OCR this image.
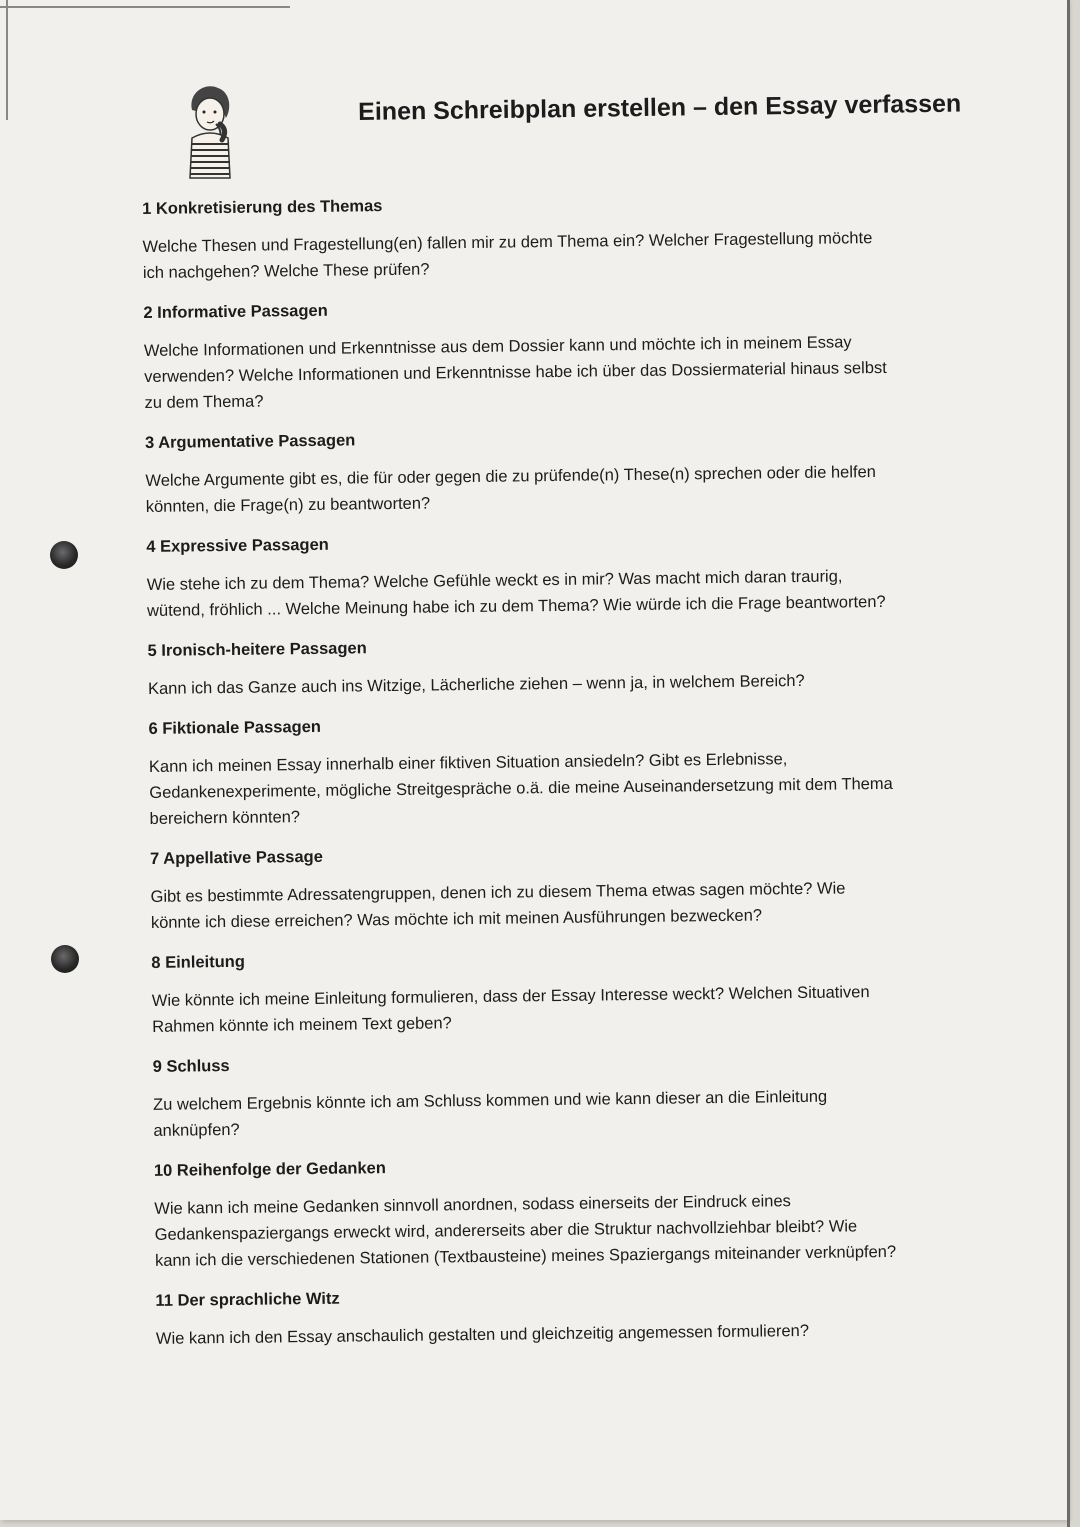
Einen Schreibplan erstellen – den Essay verfassen

1 Konkretisierung des Themas

Welche Thesen und Fragestellung(en) fallen mir zu dem Thema ein? Welcher Fragestellung möchte
ich nachgehen? Welche These prüfen?

2 Informative Passagen

Welche Informationen und Erkenntnisse aus dem Dossier kann und möchte ich in meinem Essay
verwenden? Welche Informationen und Erkenntnisse habe ich über das Dossiermaterial hinaus selbst
zu dem Thema?

3 Argumentative Passagen

Welche Argumente gibt es, die für oder gegen die zu prüfende(n) These(n) sprechen oder die helfen
könnten, die Frage(n) zu beantworten?

4 Expressive Passagen

Wie stehe ich zu dem Thema? Welche Gefühle weckt es in mir? Was macht mich daran traurig,
wütend, fröhlich ... Welche Meinung habe ich zu dem Thema? Wie würde ich die Frage beantworten?

5 Ironisch-heitere Passagen

Kann ich das Ganze auch ins Witzige, Lächerliche ziehen – wenn ja, in welchem Bereich?

6 Fiktionale Passagen

Kann ich meinen Essay innerhalb einer fiktiven Situation ansiedeln? Gibt es Erlebnisse,
Gedankenexperimente, mögliche Streitgespräche o.ä. die meine Auseinandersetzung mit dem Thema
bereichern könnten?

7 Appellative Passage

Gibt es bestimmte Adressatengruppen, denen ich zu diesem Thema etwas sagen möchte? Wie
könnte ich diese erreichen? Was möchte ich mit meinen Ausführungen bezwecken?

8 Einleitung

Wie könnte ich meine Einleitung formulieren, dass der Essay Interesse weckt? Welchen Situativen
Rahmen könnte ich meinem Text geben?

9 Schluss

Zu welchem Ergebnis könnte ich am Schluss kommen und wie kann dieser an die Einleitung
anknüpfen?

10 Reihenfolge der Gedanken

Wie kann ich meine Gedanken sinnvoll anordnen, sodass einerseits der Eindruck eines
Gedankenspaziergangs erweckt wird, andererseits aber die Struktur nachvollziehbar bleibt? Wie
kann ich die verschiedenen Stationen (Textbausteine) meines Spaziergangs miteinander verknüpfen?

11 Der sprachliche Witz

Wie kann ich den Essay anschaulich gestalten und gleichzeitig angemessen formulieren?
